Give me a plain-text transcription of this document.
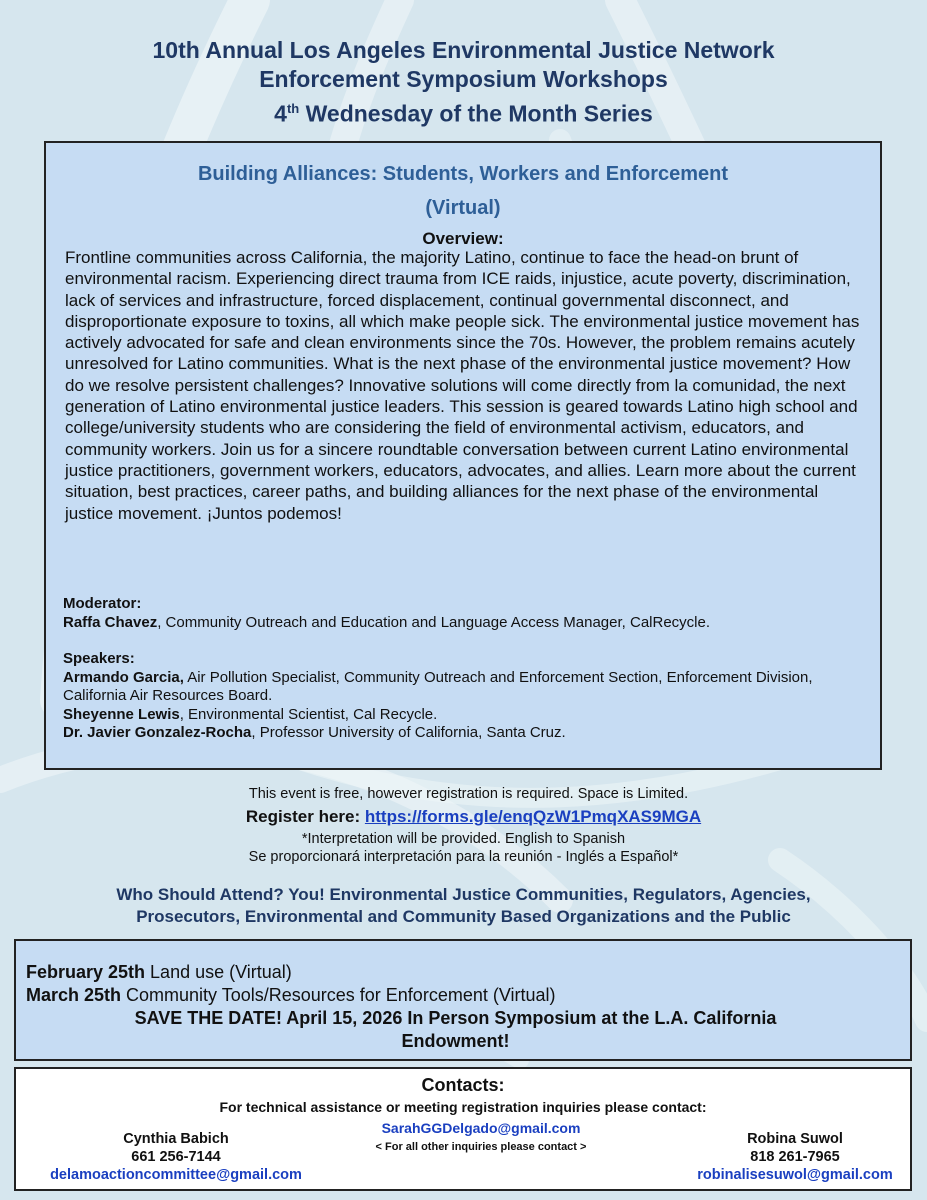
10th Annual Los Angeles Environmental Justice Network
Enforcement Symposium Workshops
4th Wednesday of the Month Series
Building Alliances: Students, Workers and Enforcement
(Virtual)
Overview:
Frontline communities across California, the majority Latino, continue to face the head-on brunt of environmental racism. Experiencing direct trauma from ICE raids, injustice, acute poverty, discrimination, lack of services and infrastructure, forced displacement, continual governmental disconnect, and disproportionate exposure to toxins, all which make people sick. The environmental justice movement has actively advocated for safe and clean environments since the 70s. However, the problem remains acutely unresolved for Latino communities. What is the next phase of the environmental justice movement? How do we resolve persistent challenges? Innovative solutions will come directly from la comunidad, the next generation of Latino environmental justice leaders. This session is geared towards Latino high school and college/university students who are considering the field of environmental activism, educators, and community workers. Join us for a sincere roundtable conversation between current Latino environmental justice practitioners, government workers, educators, advocates, and allies. Learn more about the current situation, best practices, career paths, and building alliances for the next phase of the environmental justice movement. ¡Juntos podemos!
Moderator:
Raffa Chavez, Community Outreach and Education and Language Access Manager, CalRecycle.
Speakers:
Armando Garcia, Air Pollution Specialist, Community Outreach and Enforcement Section, Enforcement Division, California Air Resources Board.
Sheyenne Lewis, Environmental Scientist, Cal Recycle.
Dr. Javier Gonzalez-Rocha, Professor University of California, Santa Cruz.
This event is free, however registration is required. Space is Limited.
Register here: https://forms.gle/enqQzW1PmqXAS9MGA
*Interpretation will be provided. English to Spanish
Se proporcionará interpretación para la reunión - Inglés a Español*
Who Should Attend? You! Environmental Justice Communities, Regulators, Agencies,
Prosecutors, Environmental and Community Based Organizations and the Public
February 25th Land use (Virtual)
March 25th Community Tools/Resources for Enforcement (Virtual)
SAVE THE DATE! April 15, 2026 In Person Symposium at the L.A. California
Endowment!
Contacts:
For technical assistance or meeting registration inquiries please contact:
Cynthia Babich
661 256-7144
delamoactioncommittee@gmail.com
SarahGGDelgado@gmail.com
< For all other inquiries please contact >	Robina Suwol
818 261-7965
robinalisesuwol@gmail.com
